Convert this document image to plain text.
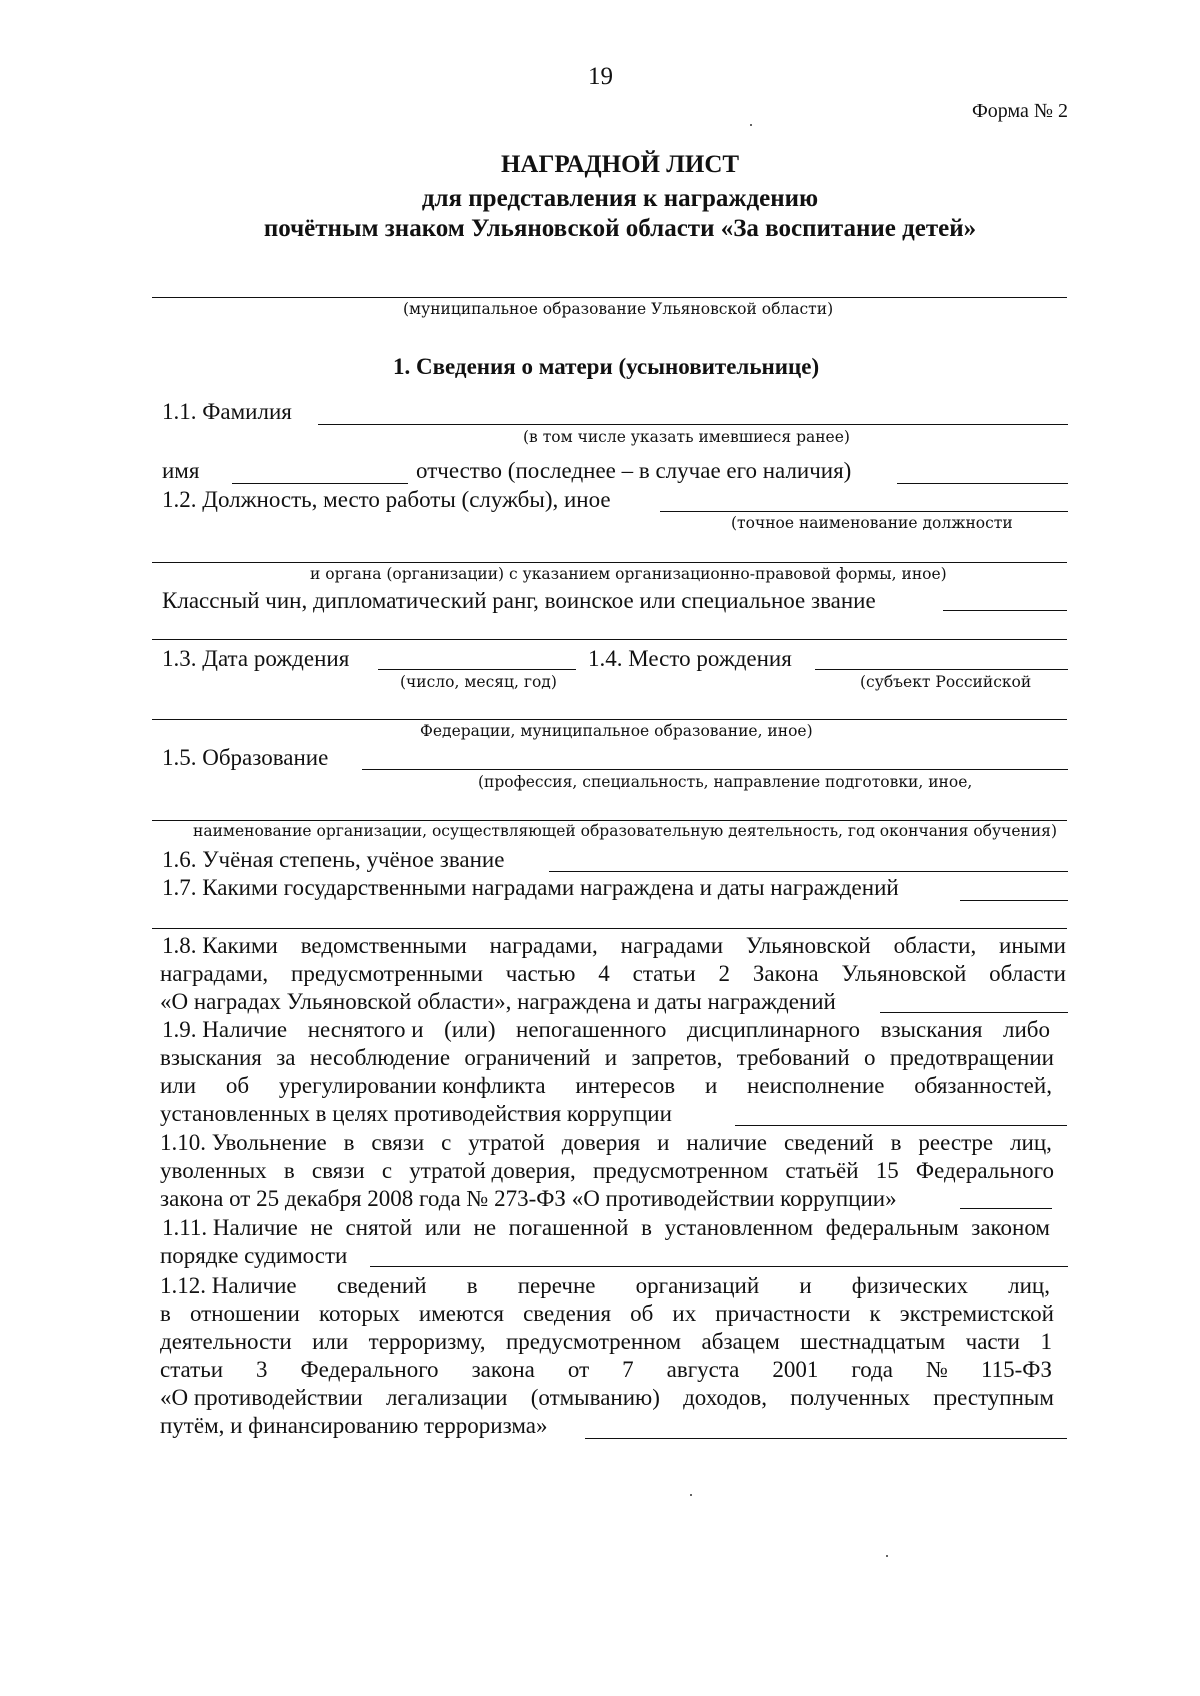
19
Форма № 2
НАГРАДНОЙ ЛИСТ
для представления к награждению
почётным знаком Ульяновской области «За воспитание детей»
(муниципальное образование Ульяновской области)
1. Сведения о матери (усыновительнице)
1.1. Фамилия
(в том числе указать имевшиеся ранее)
имя	отчество (последнее – в случае его наличия)
1.2. Должность, место работы (службы), иное
(точное наименование должности
и органа (организации) с указанием организационно-правовой формы, иное)
Классный чин, дипломатический ранг, воинское или специальное звание
1.3. Дата рождения
(число, месяц, год)
1.4. Место рождения
(субъект Российской
Федерации, муниципальное образование, иное)
1.5. Образование
(профессия, специальность, направление подготовки, иное,
наименование организации, осуществляющей образовательную деятельность, год окончания обучения)
1.6. Учёная степень, учёное звание
1.7. Какими государственными наградами награждена и даты награждений
1.8. Какими ведомственными наградами, наградами Ульяновской области, иными
наградами, предусмотренными частью 4 статьи 2 Закона Ульяновской области
«О наградах Ульяновской области», награждена и даты награждений
1.9. Наличие неснятого и (или) непогашенного дисциплинарного взыскания либо
взыскания за несоблюдение ограничений и запретов, требований о предотвращении
или об урегулировании конфликта интересов и неисполнение обязанностей,
установленных в целях противодействия коррупции
1.10. Увольнение в связи с утратой доверия и наличие сведений в реестре лиц,
уволенных в связи с утратой доверия, предусмотренном статьёй 15 Федерального
закона от 25 декабря 2008 года № 273-ФЗ «О противодействии коррупции»
1.11. Наличие не снятой или не погашенной в установленном федеральным законом
порядке судимости
1.12. Наличие сведений в перечне организаций и физических лиц,
в отношении которых имеются сведения об их причастности к экстремистской
деятельности или терроризму, предусмотренном абзацем шестнадцатым части 1
статьи 3 Федерального закона от 7 августа 2001 года № 115-ФЗ
«О противодействии легализации (отмыванию) доходов, полученных преступным
путём, и финансированию терроризма»
